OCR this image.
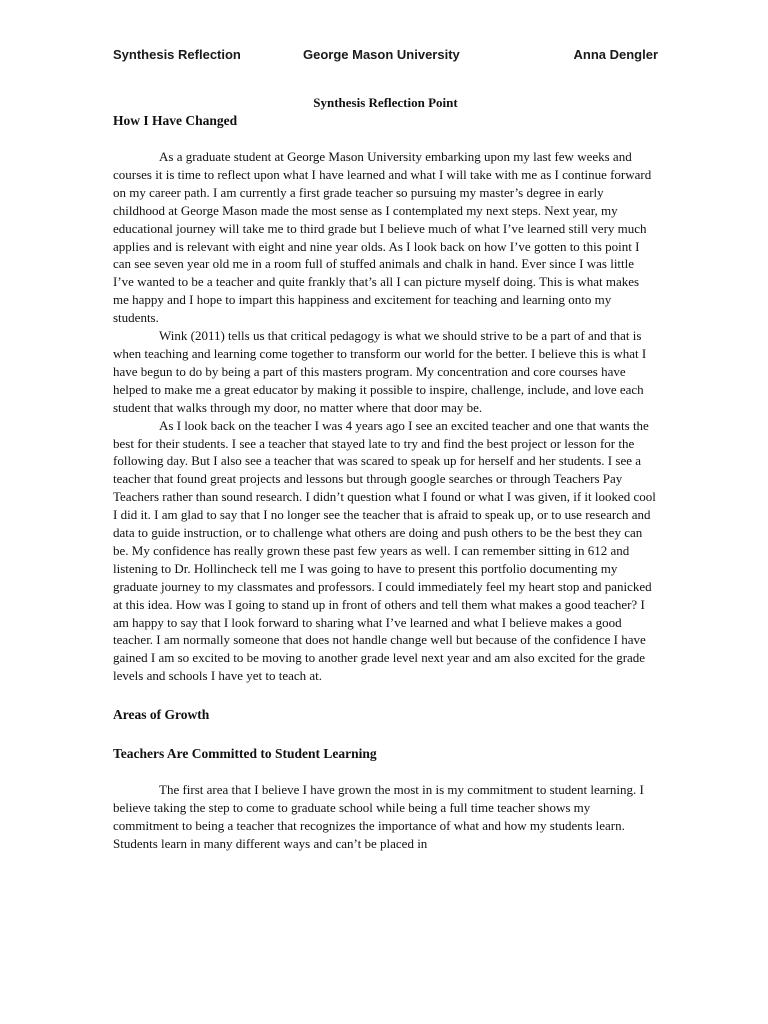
Synthesis Reflection	George Mason University	Anna Dengler
Synthesis Reflection Point
How I Have Changed

As a graduate student at George Mason University embarking upon my last few weeks and courses it is time to reflect upon what I have learned and what I will take with me as I continue forward on my career path. I am currently a first grade teacher so pursuing my master’s degree in early childhood at George Mason made the most sense as I contemplated my next steps. Next year, my educational journey will take me to third grade but I believe much of what I’ve learned still very much applies and is relevant with eight and nine year olds. As I look back on how I’ve gotten to this point I can see seven year old me in a room full of stuffed animals and chalk in hand. Ever since I was little I’ve wanted to be a teacher and quite frankly that’s all I can picture myself doing. This is what makes me happy and I hope to impart this happiness and excitement for teaching and learning onto my students.

Wink (2011) tells us that critical pedagogy is what we should strive to be a part of and that is when teaching and learning come together to transform our world for the better. I believe this is what I have begun to do by being a part of this masters program. My concentration and core courses have helped to make me a great educator by making it possible to inspire, challenge, include, and love each student that walks through my door, no matter where that door may be.

As I look back on the teacher I was 4 years ago I see an excited teacher and one that wants the best for their students. I see a teacher that stayed late to try and find the best project or lesson for the following day. But I also see a teacher that was scared to speak up for herself and her students. I see a teacher that found great projects and lessons but through google searches or through Teachers Pay Teachers rather than sound research. I didn’t question what I found or what I was given, if it looked cool I did it. I am glad to say that I no longer see the teacher that is afraid to speak up, or to use research and data to guide instruction, or to challenge what others are doing and push others to be the best they can be. My confidence has really grown these past few years as well. I can remember sitting in 612 and listening to Dr. Hollincheck tell me I was going to have to present this portfolio documenting my graduate journey to my classmates and professors. I could immediately feel my heart stop and panicked at this idea. How was I going to stand up in front of others and tell them what makes a good teacher? I am happy to say that I look forward to sharing what I’ve learned and what I believe makes a good teacher. I am normally someone that does not handle change well but because of the confidence I have gained I am so excited to be moving to another grade level next year and am also excited for the grade levels and schools I have yet to teach at.

Areas of Growth
Teachers Are Committed to Student Learning

The first area that I believe I have grown the most in is my commitment to student learning. I believe taking the step to come to graduate school while being a full time teacher shows my commitment to being a teacher that recognizes the importance of what and how my students learn. Students learn in many different ways and can’t be placed in
